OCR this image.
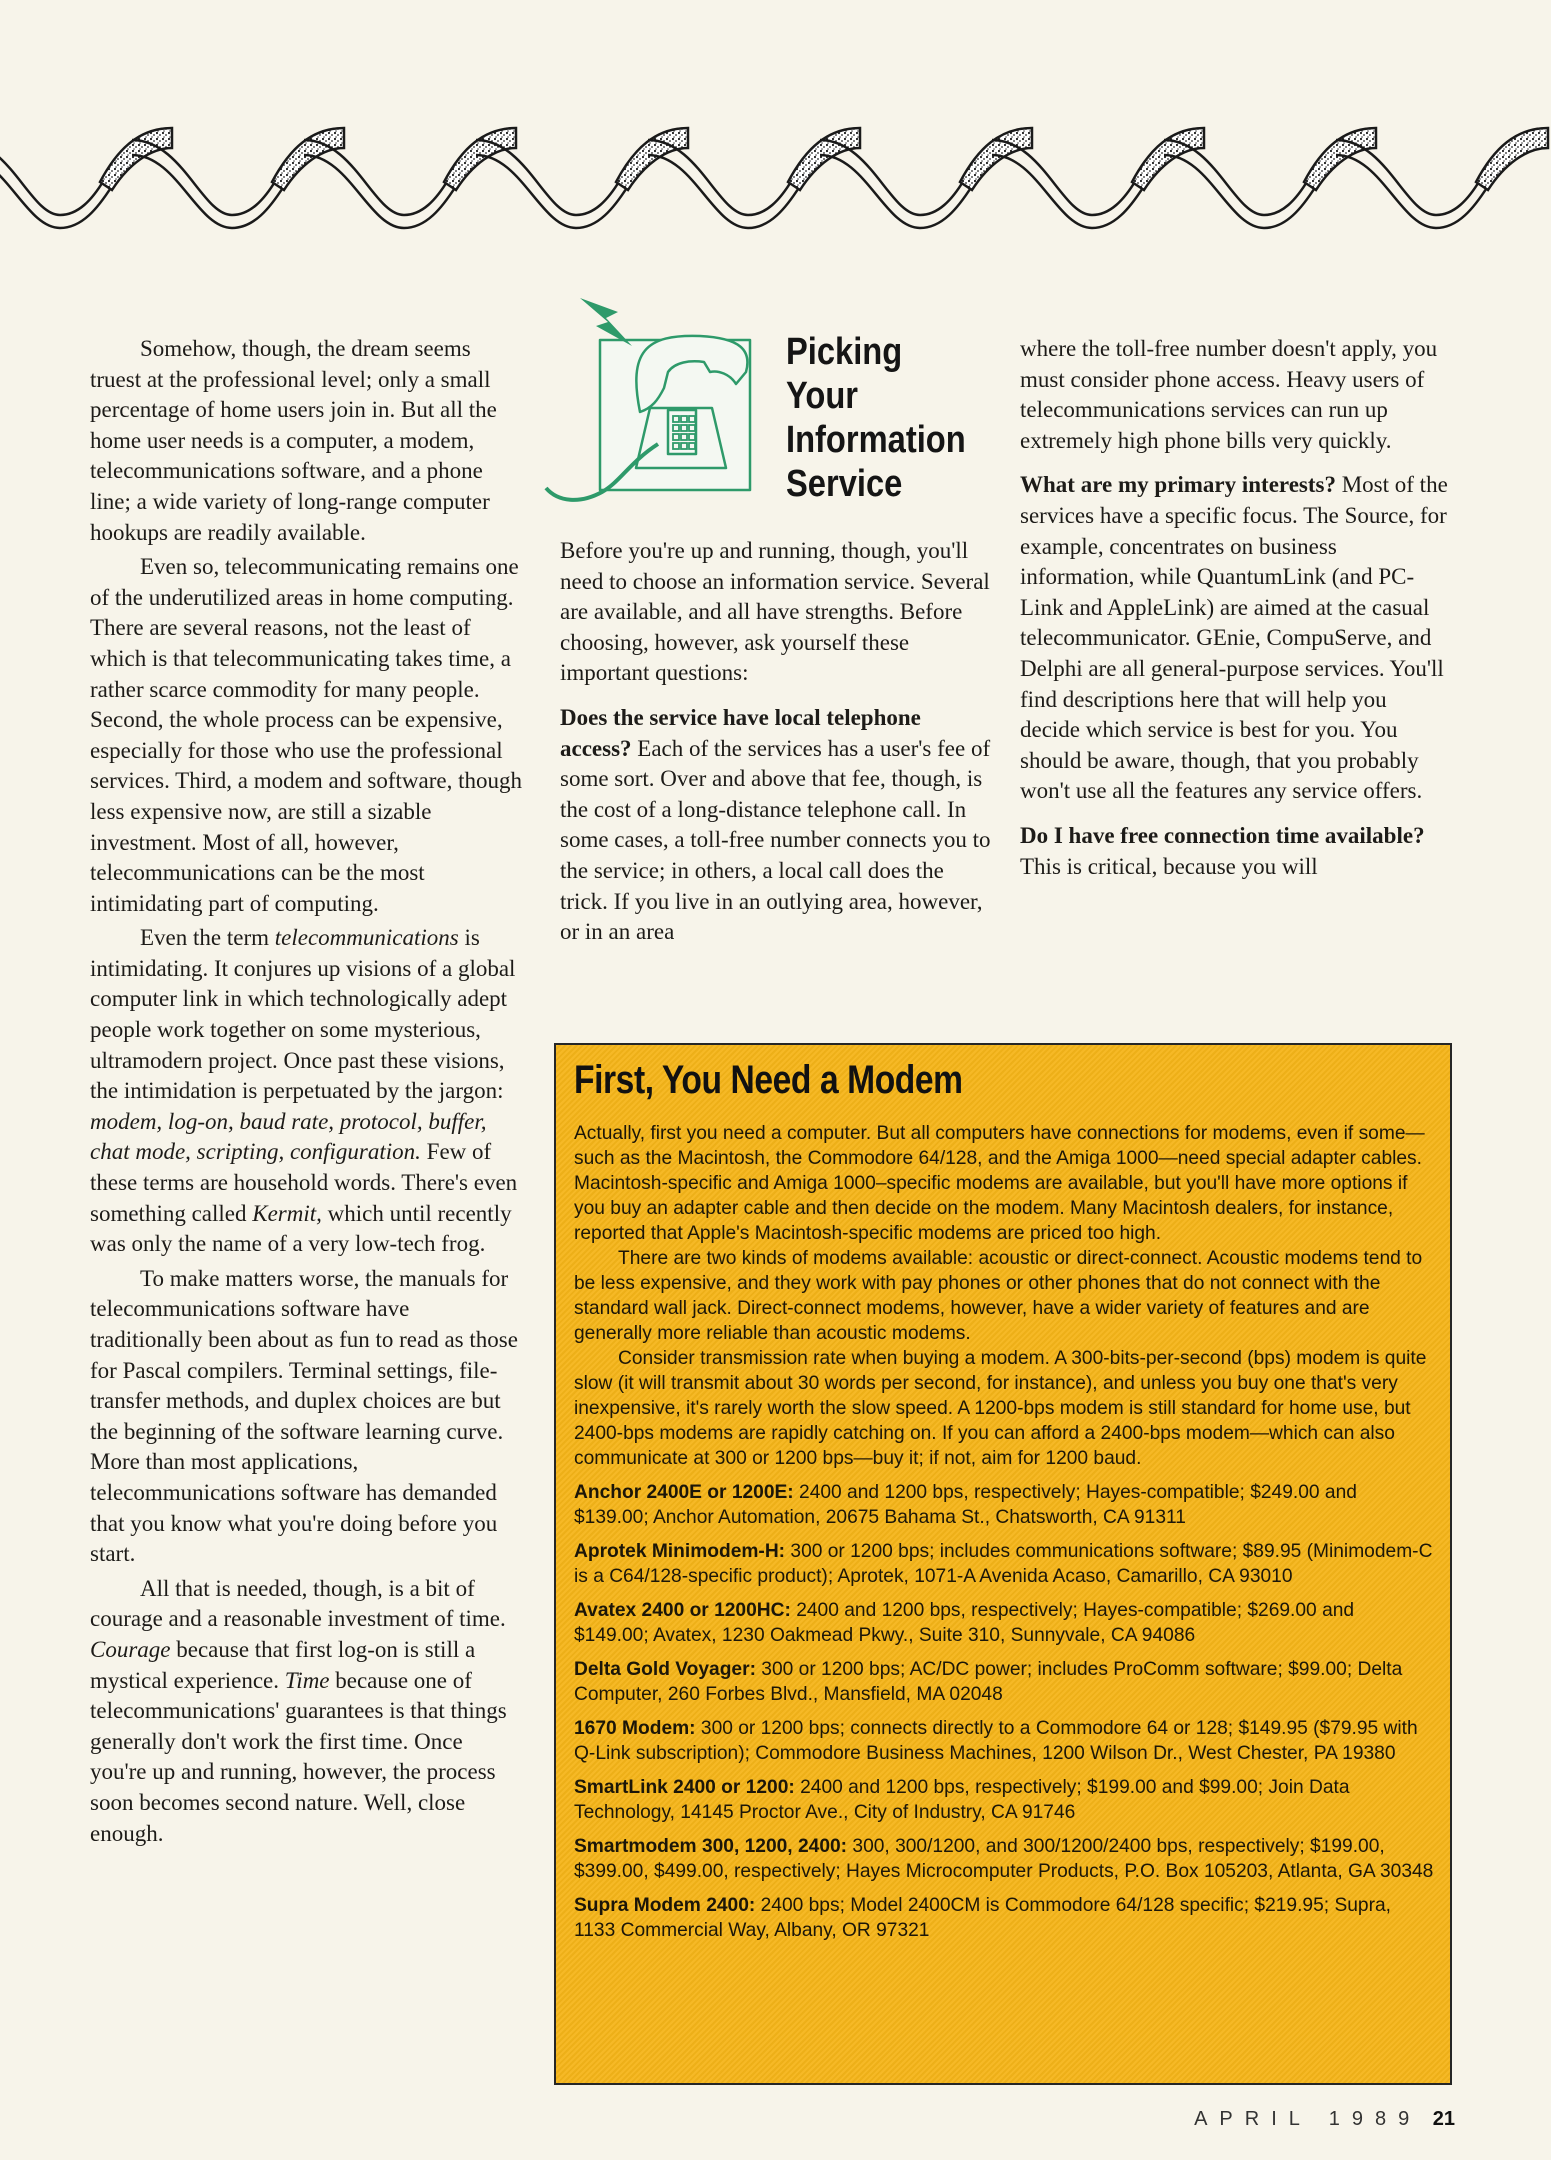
Somehow, though, the dream seems truest at the professional level; only a small percentage of home users join in. But all the home user needs is a computer, a modem, telecommunications software, and a phone line; a wide variety of long-range computer hookups are readily available.

Even so, telecommunicating remains one of the underutilized areas in home computing. There are several reasons, not the least of which is that telecommunicating takes time, a rather scarce commodity for many people. Second, the whole process can be expensive, especially for those who use the professional services. Third, a modem and software, though less expensive now, are still a sizable investment. Most of all, however, telecommunications can be the most intimidating part of computing.

Even the term telecommunications is intimidating. It conjures up visions of a global computer link in which technologically adept people work together on some mysterious, ultramodern project. Once past these visions, the intimidation is perpetuated by the jargon: modem, log-on, baud rate, protocol, buffer, chat mode, scripting, configuration. Few of these terms are household words. There's even something called Kermit, which until recently was only the name of a very low-tech frog.

To make matters worse, the manuals for telecommunications software have traditionally been about as fun to read as those for Pascal compilers. Terminal settings, file-transfer methods, and duplex choices are but the beginning of the software learning curve. More than most applications, telecommunications software has demanded that you know what you're doing before you start.

All that is needed, though, is a bit of courage and a reasonable investment of time. Courage because that first log-on is still a mystical experience. Time because one of telecommunications' guarantees is that things generally don't work the first time. Once you're up and running, however, the process soon becomes second nature. Well, close enough.

Picking Your
Information
Service

Before you're up and running, though, you'll need to choose an information service. Several are available, and all have strengths. Before choosing, however, ask yourself these important questions:

Does the service have local telephone access? Each of the services has a user's fee of some sort. Over and above that fee, though, is the cost of a long-distance telephone call. In some cases, a toll-free number connects you to the service; in others, a local call does the trick. If you live in an outlying area, however, or in an area

where the toll-free number doesn't apply, you must consider phone access. Heavy users of telecommunications services can run up extremely high phone bills very quickly.

What are my primary interests? Most of the services have a specific focus. The Source, for example, concentrates on business information, while QuantumLink (and PC-Link and AppleLink) are aimed at the casual telecommunicator. GEnie, CompuServe, and Delphi are all general-purpose services. You'll find descriptions here that will help you decide which service is best for you. You should be aware, though, that you probably won't use all the features any service offers.

Do I have free connection time available? This is critical, because you will

First, You Need a Modem

Actually, first you need a computer. But all computers have connections for modems, even if some—such as the Macintosh, the Commodore 64/128, and the Amiga 1000—need special adapter cables. Macintosh-specific and Amiga 1000–specific modems are available, but you'll have more options if you buy an adapter cable and then decide on the modem. Many Macintosh dealers, for instance, reported that Apple's Macintosh-specific modems are priced too high.

There are two kinds of modems available: acoustic or direct-connect. Acoustic modems tend to be less expensive, and they work with pay phones or other phones that do not connect with the standard wall jack. Direct-connect modems, however, have a wider variety of features and are generally more reliable than acoustic modems.

Consider transmission rate when buying a modem. A 300-bits-per-second (bps) modem is quite slow (it will transmit about 30 words per second, for instance), and unless you buy one that's very inexpensive, it's rarely worth the slow speed. A 1200-bps modem is still standard for home use, but 2400-bps modems are rapidly catching on. If you can afford a 2400-bps modem—which can also communicate at 300 or 1200 bps—buy it; if not, aim for 1200 baud.

Anchor 2400E or 1200E: 2400 and 1200 bps, respectively; Hayes-compatible; $249.00 and $139.00; Anchor Automation, 20675 Bahama St., Chatsworth, CA 91311

Aprotek Minimodem-H: 300 or 1200 bps; includes communications software; $89.95 (Minimodem-C is a C64/128-specific product); Aprotek, 1071-A Avenida Acaso, Camarillo, CA 93010

Avatex 2400 or 1200HC: 2400 and 1200 bps, respectively; Hayes-compatible; $269.00 and $149.00; Avatex, 1230 Oakmead Pkwy., Suite 310, Sunnyvale, CA 94086

Delta Gold Voyager: 300 or 1200 bps; AC/DC power; includes ProComm software; $99.00; Delta Computer, 260 Forbes Blvd., Mansfield, MA 02048

1670 Modem: 300 or 1200 bps; connects directly to a Commodore 64 or 128; $149.95 ($79.95 with Q-Link subscription); Commodore Business Machines, 1200 Wilson Dr., West Chester, PA 19380

SmartLink 2400 or 1200: 2400 and 1200 bps, respectively; $199.00 and $99.00; Join Data Technology, 14145 Proctor Ave., City of Industry, CA 91746

Smartmodem 300, 1200, 2400: 300, 300/1200, and 300/1200/2400 bps, respectively; $199.00, $399.00, $499.00, respectively; Hayes Microcomputer Products, P.O. Box 105203, Atlanta, GA 30348

Supra Modem 2400: 2400 bps; Model 2400CM is Commodore 64/128 specific; $219.95; Supra, 1133 Commercial Way, Albany, OR 97321

APRIL 1989 21
